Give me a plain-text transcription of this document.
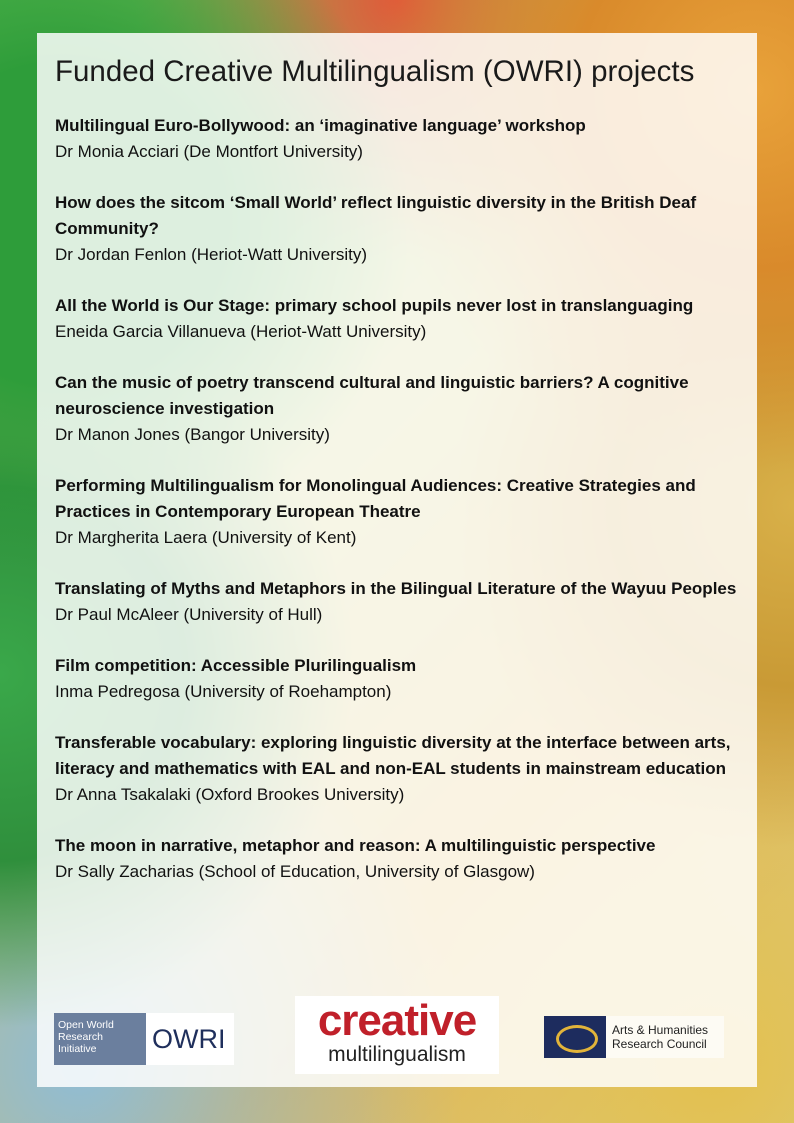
Funded Creative Multilingualism (OWRI) projects
Multilingual Euro-Bollywood: an ‘imaginative language’ workshop
Dr Monia Acciari (De Montfort University)
How does the sitcom ‘Small World’ reflect linguistic diversity in the British Deaf Community?
Dr Jordan Fenlon (Heriot-Watt University)
All the World is Our Stage: primary school pupils never lost in translanguaging
Eneida Garcia Villanueva (Heriot-Watt University)
Can the music of poetry transcend cultural and linguistic barriers? A cognitive neuroscience investigation
Dr Manon Jones (Bangor University)
Performing Multilingualism for Monolingual Audiences: Creative Strategies and Practices in Contemporary European Theatre
Dr Margherita Laera (University of Kent)
Translating of Myths and Metaphors in the Bilingual Literature of the Wayuu Peoples
Dr Paul McAleer (University of Hull)
Film competition: Accessible Plurilingualism
Inma Pedregosa (University of Roehampton)
Transferable vocabulary: exploring linguistic diversity at the interface between arts, literacy and mathematics with EAL and non-EAL students in mainstream education
Dr Anna Tsakalaki (Oxford Brookes University)
The moon in narrative, metaphor and reason: A multilinguistic perspective
Dr Sally Zacharias (School of Education, University of Glasgow)
Open World Research Initiative	OWRI	creative
multilingualism
Arts & Humanities
Research Council
